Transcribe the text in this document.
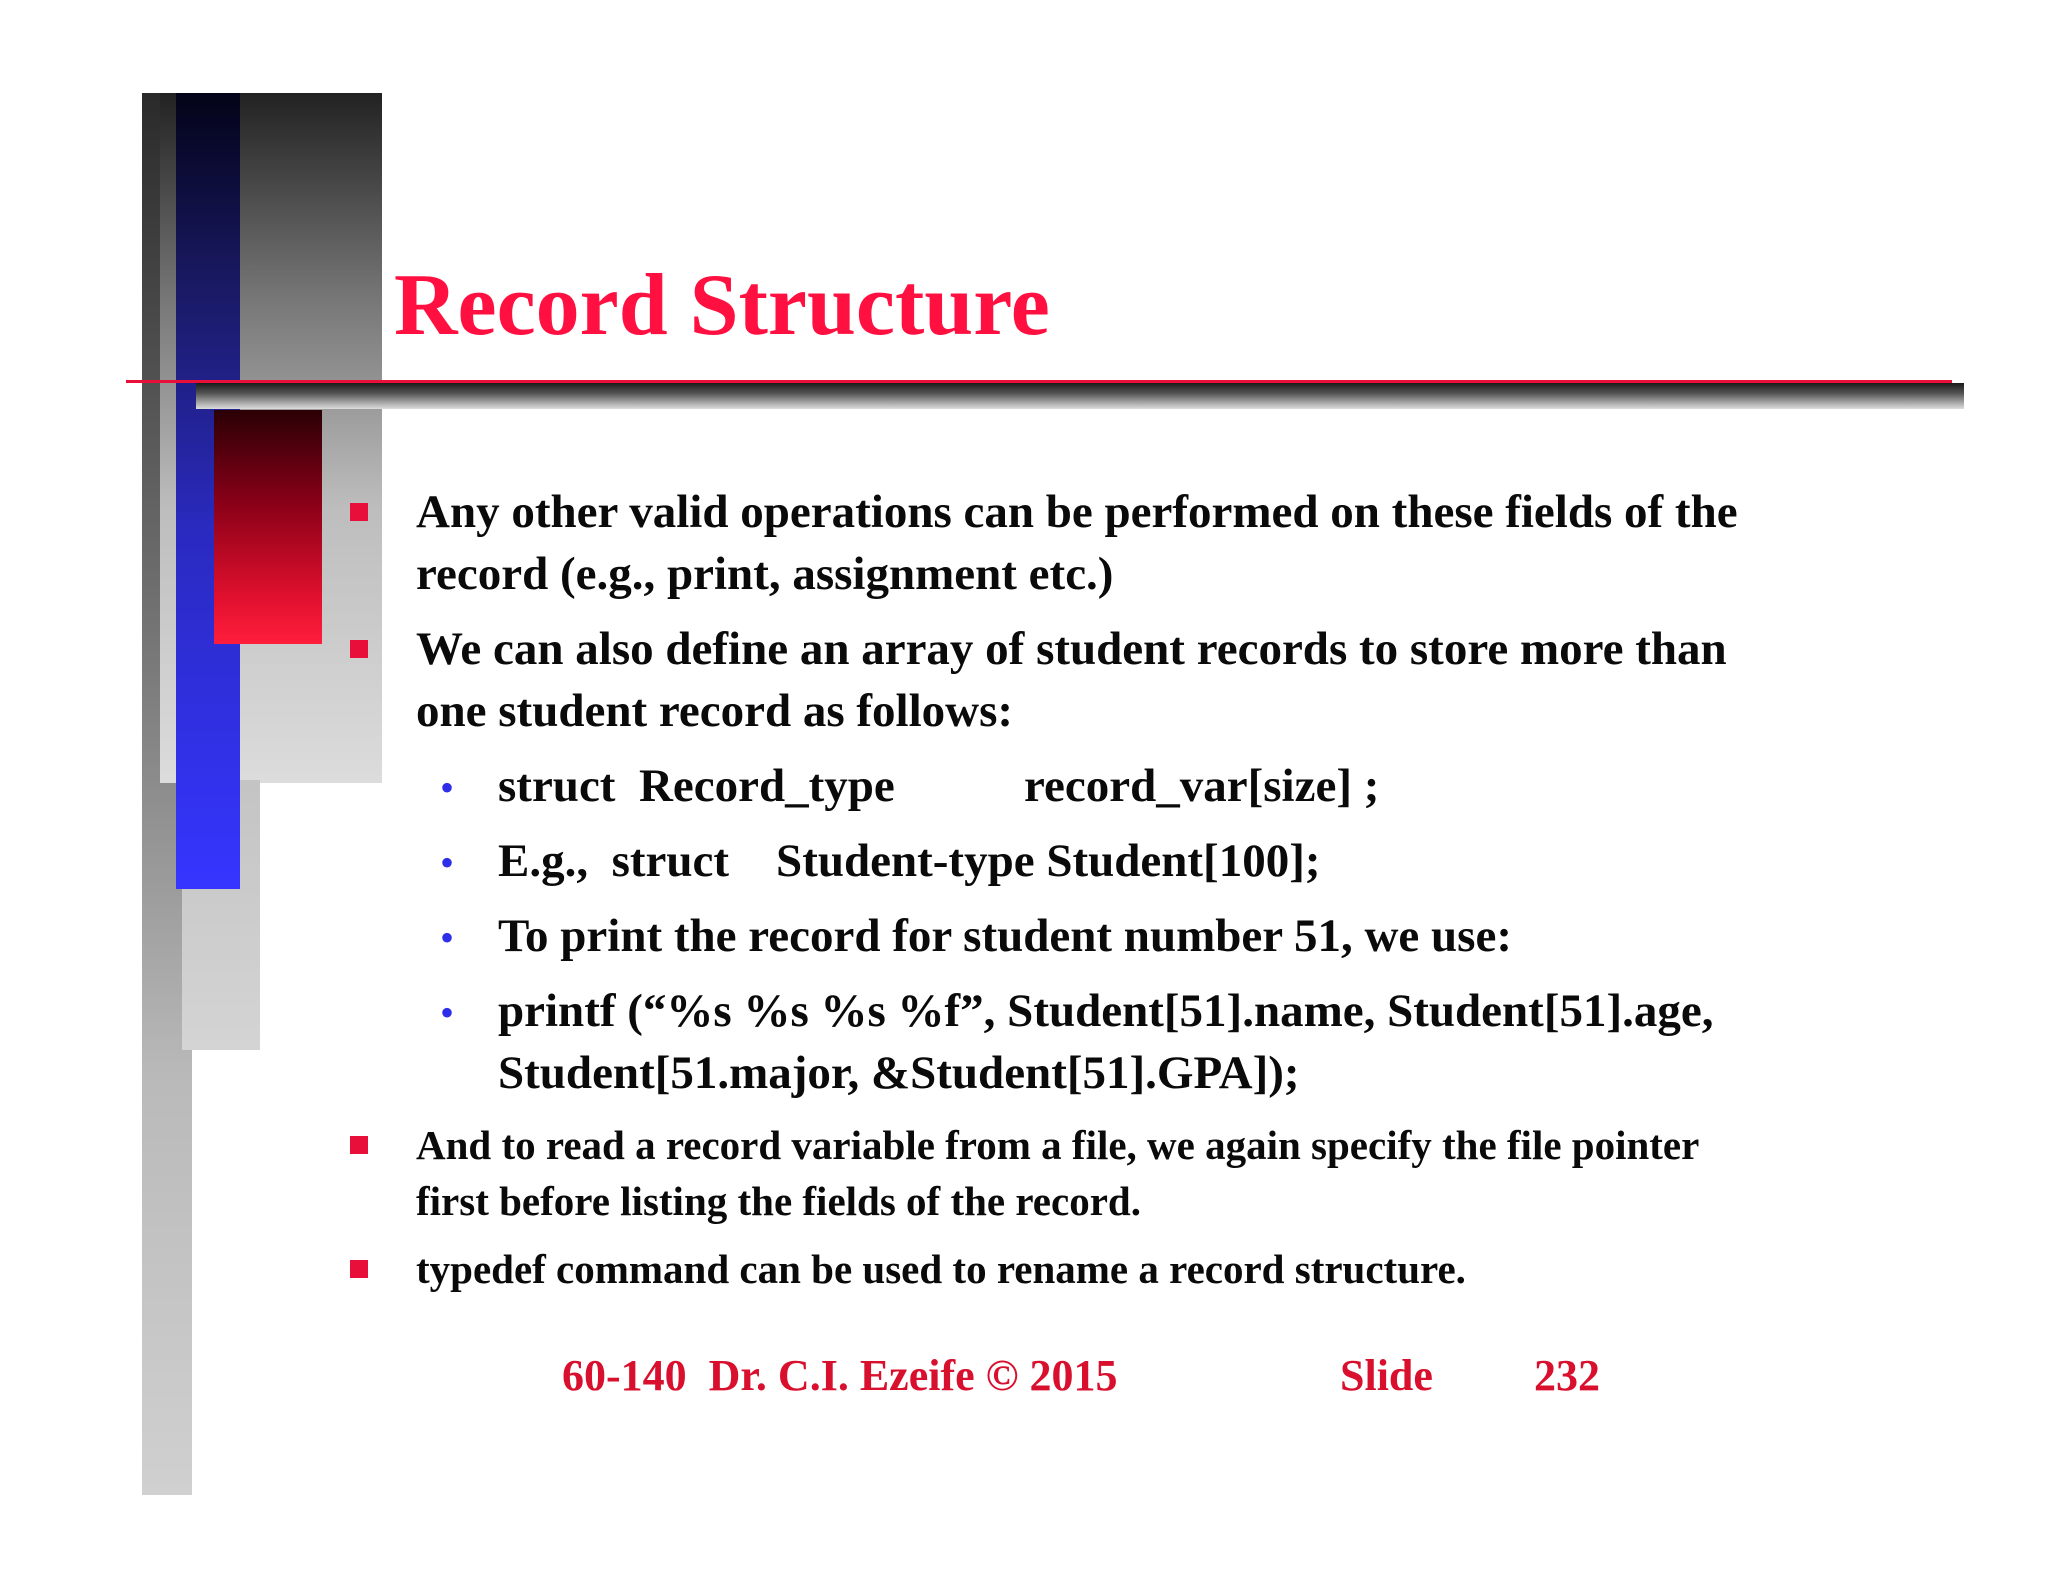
Record Structure
Any other valid operations can be performed on these fields of the
record (e.g., print, assignment etc.)
We can also define an array of student records to store more than
one student record as follows:
• struct  Record_type           record_var[size] ;
• E.g.,  struct    Student-type Student[100];
• To print the record for student number 51, we use:
• printf (“%s %s %s %f”, Student[51].name, Student[51].age,
Student[51.major, &Student[51].GPA]);
And to read a record variable from a file, we again specify the file pointer
first before listing the fields of the record.
typedef command can be used to rename a record structure.
60-140  Dr. C.I. Ezeife © 2015	Slide 232
